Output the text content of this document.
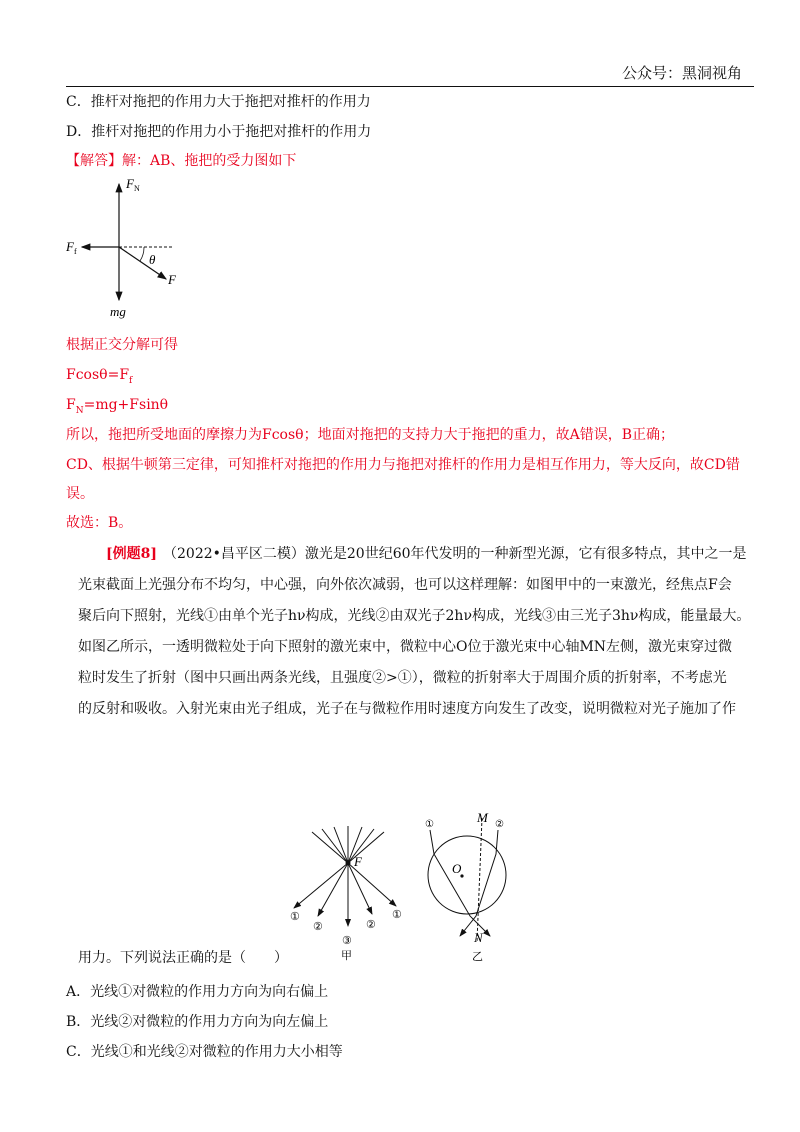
公众号：黑洞视角
C．推杆对拖把的作用力大于拖把对推杆的作用力
D．推杆对拖把的作用力小于拖把对推杆的作用力
【解答】解：AB、拖把的受力图如下
$F_N$
$F_f$
θ
F
mg
根据正交分解可得
$Fcos\theta=F_f$
$F_N=mg+Fsin\theta$
所以，拖把所受地面的摩擦力为Fcosθ；地面对拖把的支持力大于拖把的重力，故A错误，B正确；
CD、根据牛顿第三定律，可知推杆对拖把的作用力与拖把对推杆的作用力是相互作用力，等大反向，故CD错
误。
故选：B。
[例题8] （2022•昌平区二模）激光是20世纪60年代发明的一种新型光源，它有很多特点，其中之一是
光束截面上光强分布不均匀，中心强，向外依次减弱，也可以这样理解：如图甲中的一束激光，经焦点F会
聚后向下照射，光线①由单个光子hν构成，光线②由双光子2hν构成，光线③由三光子3hν构成，能量最大。
如图乙所示，一透明微粒处于向下照射的激光束中，微粒中心O位于激光束中心轴MN左侧，激光束穿过微
粒时发生了折射（图中只画出两条光线，且强度②>①），微粒的折射率大于周围介质的折射率，不考虑光
的反射和吸收。入射光束由光子组成，光子在与微粒作用时速度方向发生了改变，说明微粒对光子施加了作
F
①
②
③
②
①
甲
O
M
N
①	②
乙
用力。下列说法正确的是（　　）
A．光线①对微粒的作用力方向为向右偏上
B．光线②对微粒的作用力方向为向左偏上
C．光线①和光线②对微粒的作用力大小相等
